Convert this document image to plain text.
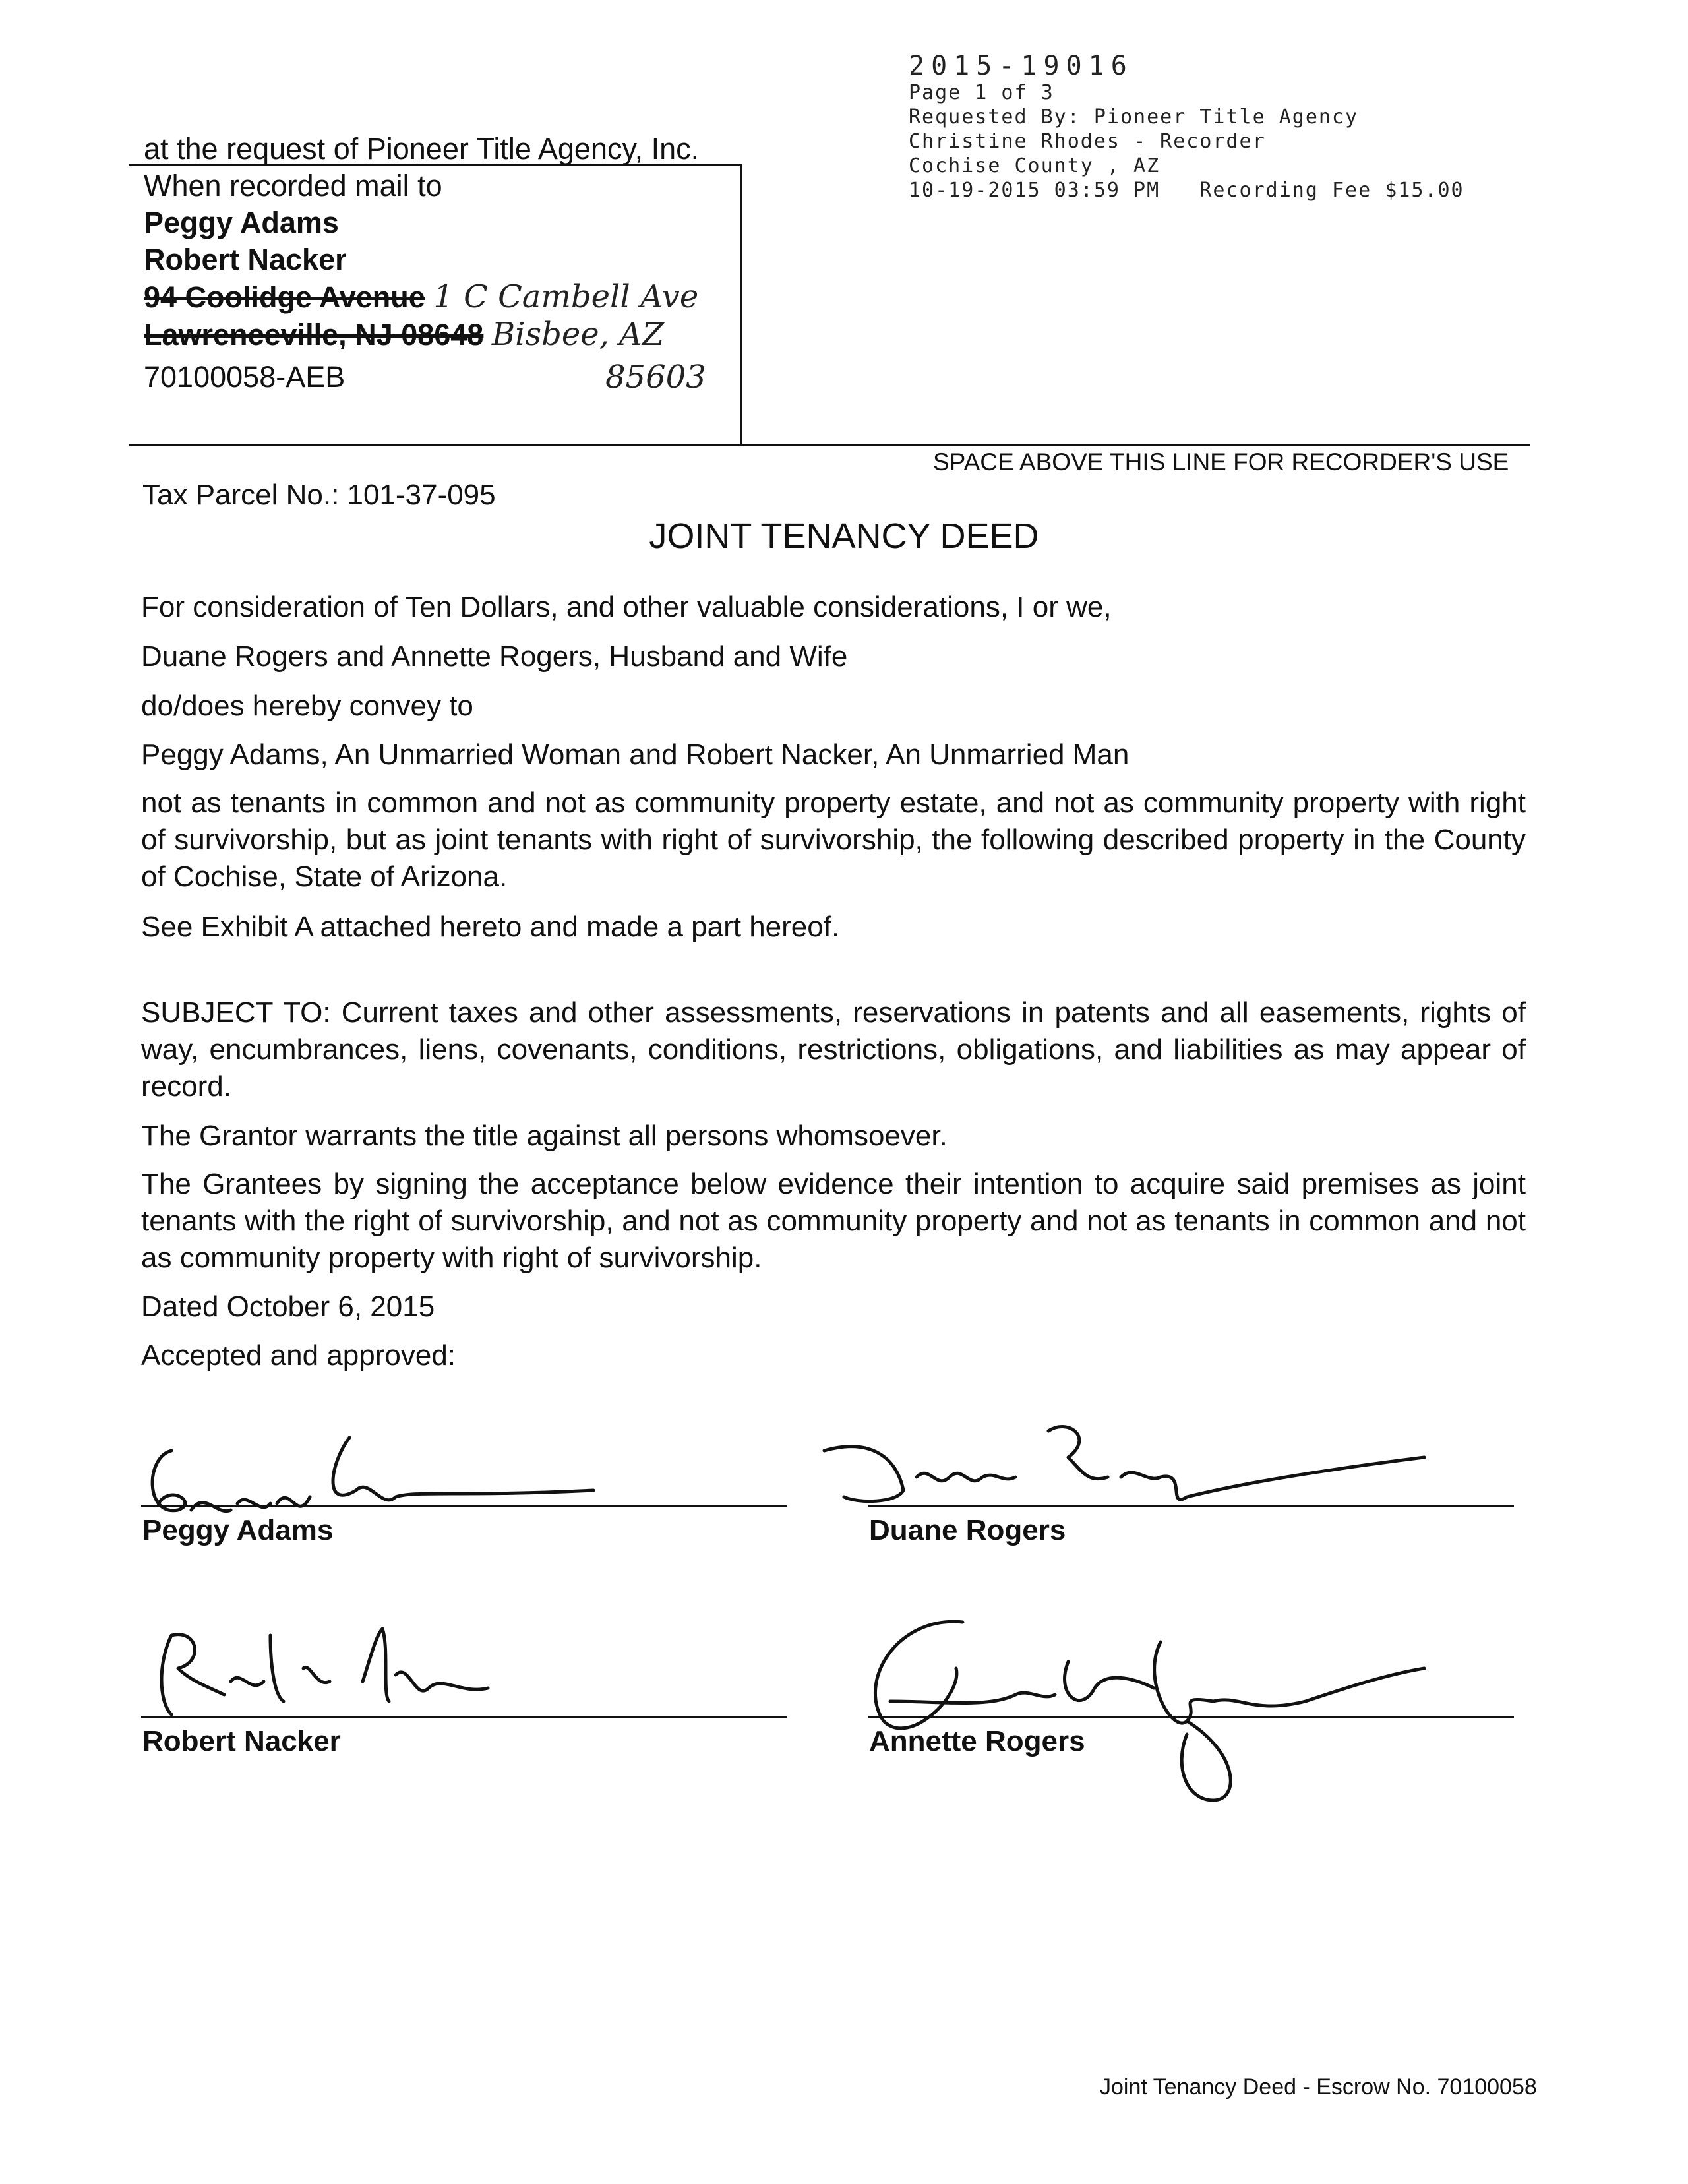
2015-19016
Page 1 of 3
Requested By: Pioneer Title Agency
Christine Rhodes - Recorder
Cochise County , AZ
10-19-2015 03:59 PM Recording Fee $15.00
at the request of Pioneer Title Agency, Inc.
When recorded mail to
Peggy Adams
Robert Nacker
94 Coolidge Avenue 1 C Cambell Ave
Lawrenceville, NJ 08648 Bisbee, AZ
70100058-AEB	85603
SPACE ABOVE THIS LINE FOR RECORDER'S USE
Tax Parcel No.: 101-37-095
JOINT TENANCY DEED
For consideration of Ten Dollars, and other valuable considerations, I or we,
Duane Rogers and Annette Rogers, Husband and Wife
do/does hereby convey to
Peggy Adams, An Unmarried Woman and Robert Nacker, An Unmarried Man
not as tenants in common and not as community property estate, and not as community property with right of survivorship, but as joint tenants with right of survivorship, the following described property in the County of Cochise, State of Arizona.
See Exhibit A attached hereto and made a part hereof.
SUBJECT TO: Current taxes and other assessments, reservations in patents and all easements, rights of way, encumbrances, liens, covenants, conditions, restrictions, obligations, and liabilities as may appear of record.
The Grantor warrants the title against all persons whomsoever.
The Grantees by signing the acceptance below evidence their intention to acquire said premises as joint tenants with the right of survivorship, and not as community property and not as tenants in common and not as community property with right of survivorship.
Dated October 6, 2015
Accepted and approved:
Peggy Adams	Duane Rogers
Robert Nacker	Annette Rogers
Joint Tenancy Deed - Escrow No. 70100058
